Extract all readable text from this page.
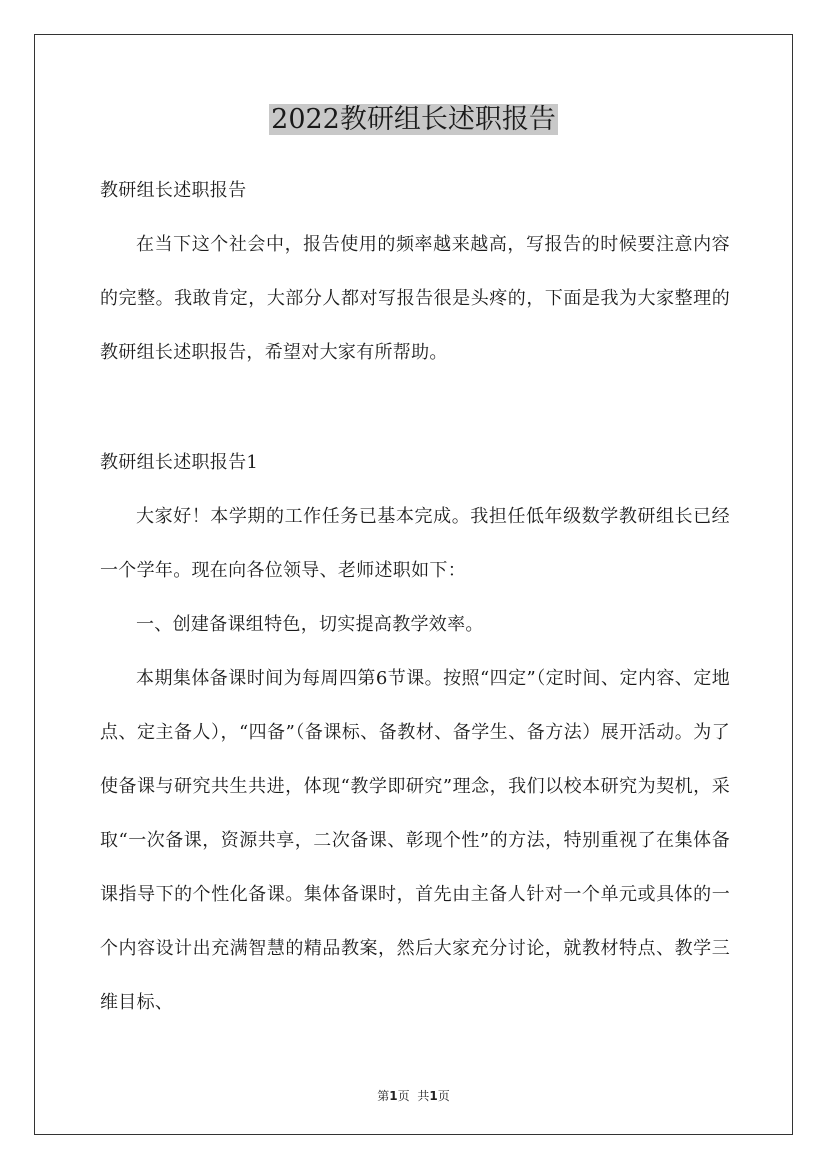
2022教研组长述职报告

教研组长述职报告

在当下这个社会中，报告使用的频率越来越高，写报告的时候要注意内容的完整。我敢肯定，大部分人都对写报告很是头疼的，下面是我为大家整理的教研组长述职报告，希望对大家有所帮助。

教研组长述职报告1

大家好！本学期的工作任务已基本完成。我担任低年级数学教研组长已经一个学年。现在向各位领导、老师述职如下：

一、创建备课组特色，切实提高教学效率。

本期集体备课时间为每周四第6节课。按照“四定”（定时间、定内容、定地点、定主备人），“四备”（备课标、备教材、备学生、备方法）展开活动。为了使备课与研究共生共进，体现“教学即研究”理念，我们以校本研究为契机，采取“一次备课，资源共享，二次备课、彰现个性”的方法，特别重视了在集体备课指导下的个性化备课。集体备课时，首先由主备人针对一个单元或具体的一个内容设计出充满智慧的精品教案，然后大家充分讨论，就教材特点、教学三维目标、

第1页 共1页
